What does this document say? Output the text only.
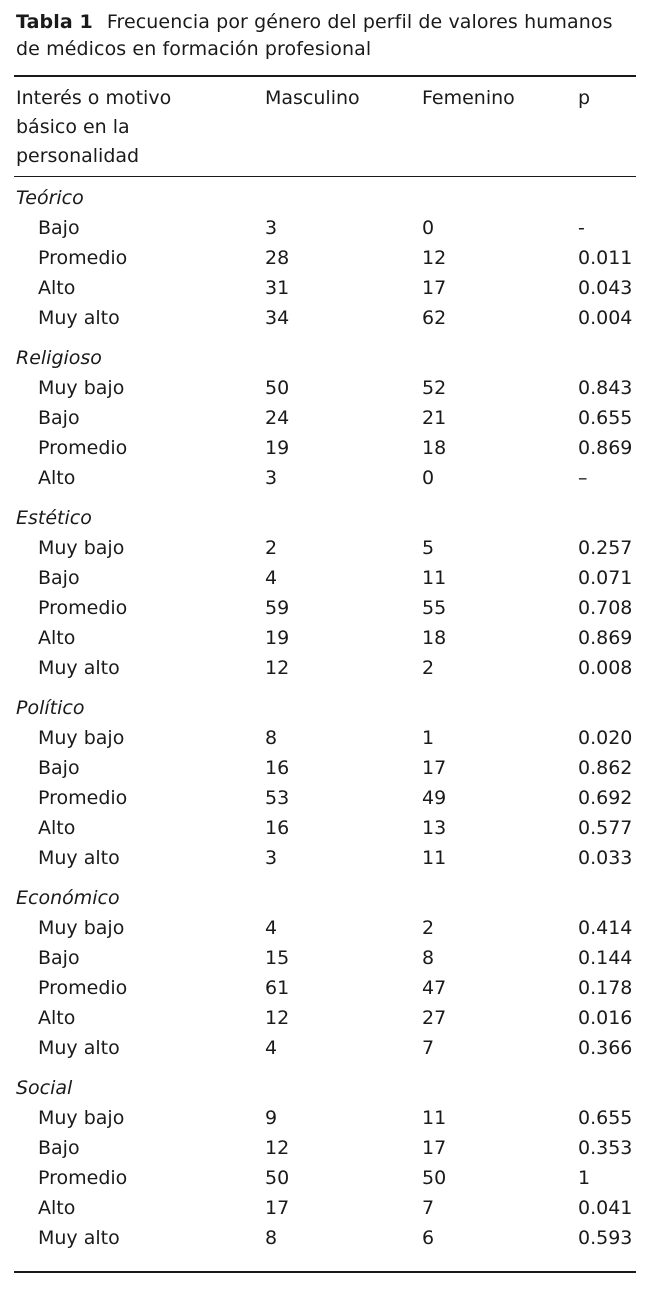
Tabla 1 Frecuencia por género del perfil de valores humanos de médicos en formación profesional
Interés o motivo básico en la personalidad
Masculino	Femenino	p
Teórico
Bajo	3	0	-
Promedio	28	12	0.011
Alto	31	17	0.043
Muy alto	34	62	0.004
Religioso
Muy bajo	50	52	0.843
Bajo	24	21	0.655
Promedio	19	18	0.869
Alto	3	0	–
Estético
Muy bajo	2	5	0.257
Bajo	4	11	0.071
Promedio	59	55	0.708
Alto	19	18	0.869
Muy alto	12	2	0.008
Político
Muy bajo	8	1	0.020
Bajo	16	17	0.862
Promedio	53	49	0.692
Alto	16	13	0.577
Muy alto	3	11	0.033
Económico
Muy bajo	4	2	0.414
Bajo	15	8	0.144
Promedio	61	47	0.178
Alto	12	27	0.016
Muy alto	4	7	0.366
Social
Muy bajo	9	11	0.655
Bajo	12	17	0.353
Promedio	50	50	1
Alto	17	7	0.041
Muy alto	8	6	0.593
